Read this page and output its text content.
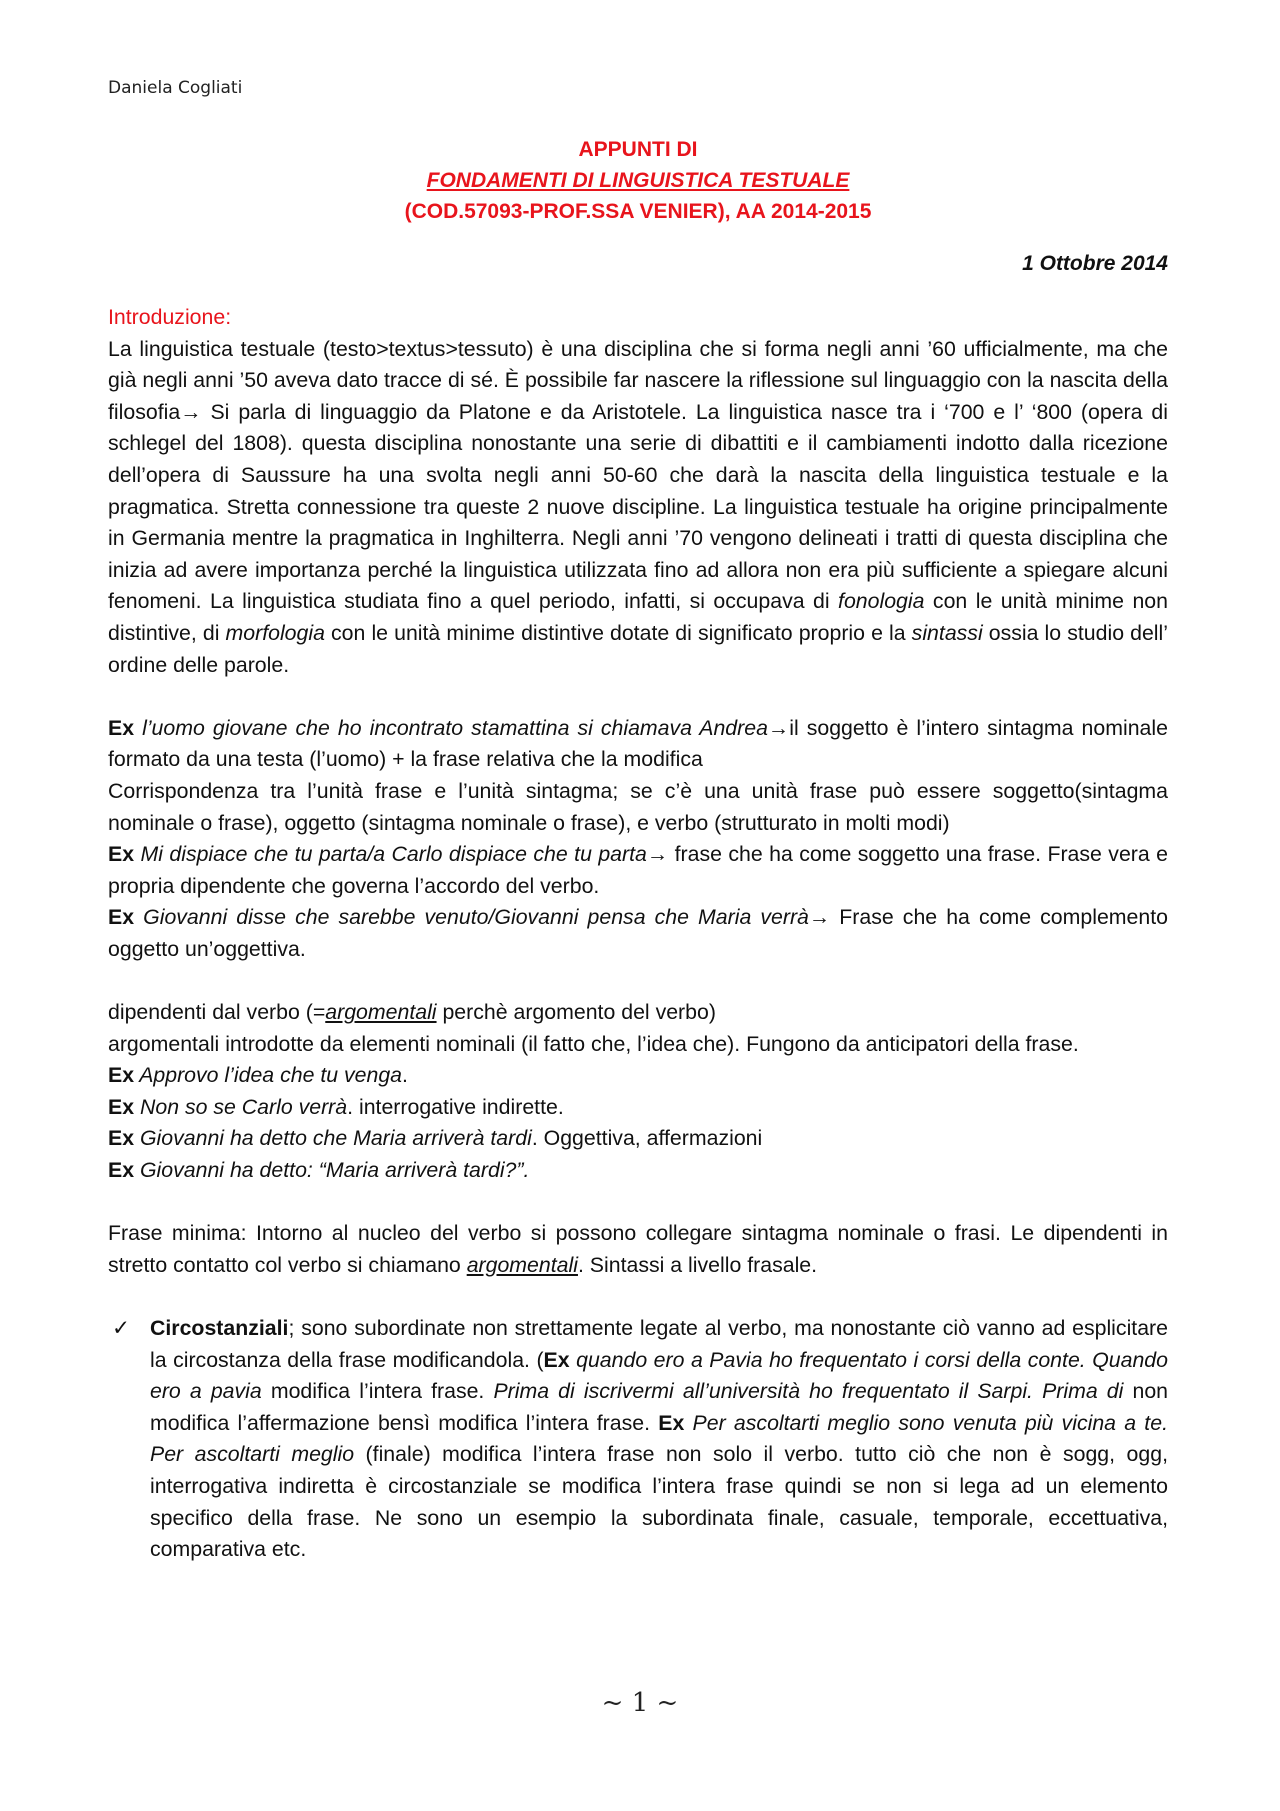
Daniela Cogliati
APPUNTI DI
FONDAMENTI DI LINGUISTICA TESTUALE
(COD.57093-PROF.SSA VENIER), AA 2014-2015
1 Ottobre 2014

Introduzione:

La linguistica testuale (testo>textus>tessuto) è una disciplina che si forma negli anni ’60 ufficialmente, ma che già negli anni ’50 aveva dato tracce di sé. È possibile far nascere la riflessione sul linguaggio con la nascita della filosofia→ Si parla di linguaggio da Platone e da Aristotele. La linguistica nasce tra i ‘700 e l’ ‘800 (opera di schlegel del 1808). questa disciplina nonostante una serie di dibattiti e il cambiamenti indotto dalla ricezione dell’opera di Saussure ha una svolta negli anni 50-60 che darà la nascita della linguistica testuale e la pragmatica. Stretta connessione tra queste 2 nuove discipline. La linguistica testuale ha origine principalmente in Germania mentre la pragmatica in Inghilterra. Negli anni ’70 vengono delineati i tratti di questa disciplina che inizia ad avere importanza perché la linguistica utilizzata fino ad allora non era più sufficiente a spiegare alcuni fenomeni. La linguistica studiata fino a quel periodo, infatti, si occupava di fonologia con le unità minime non distintive, di morfologia con le unità minime distintive dotate di significato proprio e la sintassi ossia lo studio dell’ ordine delle parole.

Ex l’uomo giovane che ho incontrato stamattina si chiamava Andrea→il soggetto è l’intero sintagma nominale formato da una testa (l’uomo) + la frase relativa che la modifica

Corrispondenza tra l’unità frase e l’unità sintagma; se c’è una unità frase può essere soggetto(sintagma nominale o frase), oggetto (sintagma nominale o frase), e verbo (strutturato in molti modi)

Ex Mi dispiace che tu parta/a Carlo dispiace che tu parta→ frase che ha come soggetto una frase. Frase vera e propria dipendente che governa l’accordo del verbo.

Ex Giovanni disse che sarebbe venuto/Giovanni pensa che Maria verrà→ Frase che ha come complemento oggetto un’oggettiva.

dipendenti dal verbo (=argomentali perchè argomento del verbo)

argomentali introdotte da elementi nominali (il fatto che, l’idea che). Fungono da anticipatori della frase.

Ex Approvo l’idea che tu venga.

Ex Non so se Carlo verrà. interrogative indirette.

Ex Giovanni ha detto che Maria arriverà tardi. Oggettiva, affermazioni

Ex Giovanni ha detto: “Maria arriverà tardi?”.

Frase minima: Intorno al nucleo del verbo si possono collegare sintagma nominale o frasi. Le dipendenti in stretto contatto col verbo si chiamano argomentali. Sintassi a livello frasale.

✓ Circostanziali; sono subordinate non strettamente legate al verbo, ma nonostante ciò vanno ad esplicitare la circostanza della frase modificandola. (Ex quando ero a Pavia ho frequentato i corsi della conte. Quando ero a pavia modifica l’intera frase. Prima di iscrivermi all’università ho frequentato il Sarpi. Prima di non modifica l’affermazione bensì modifica l’intera frase. Ex Per ascoltarti meglio sono venuta più vicina a te. Per ascoltarti meglio (finale) modifica l’intera frase non solo il verbo. tutto ciò che non è sogg, ogg, interrogativa indiretta è circostanziale se modifica l’intera frase quindi se non si lega ad un elemento specifico della frase. Ne sono un esempio la subordinata finale, casuale, temporale, eccettuativa, comparativa etc.
~ 1 ~
